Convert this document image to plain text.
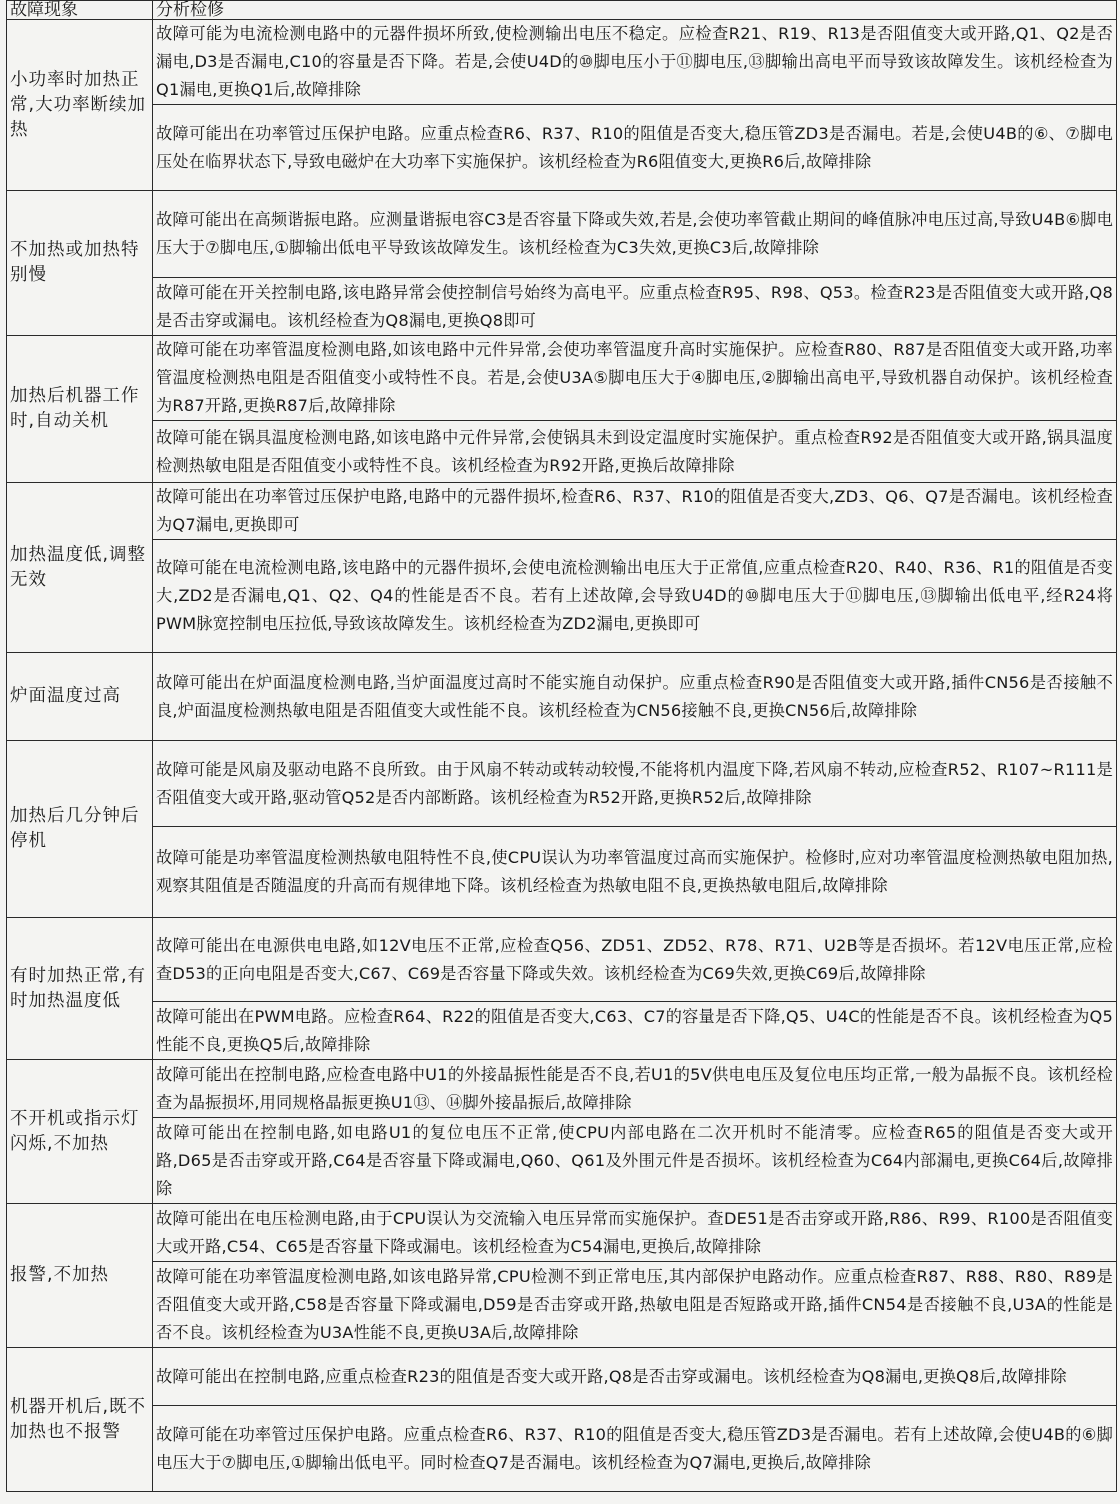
故障现象	分析检修
小功率时加热正常,大功率断续加热	故障可能为电流检测电路中的元器件损坏所致,使检测输出电压不稳定。应检查R21、R19、R13是否阻值变大或开路,Q1、Q2是否漏电,D3是否漏电,C10的容量是否下降。若是,会使U4D的⑩脚电压小于⑪脚电压,⑬脚输出高电平而导致该故障发生。该机经检查为Q1漏电,更换Q1后,故障排除
	故障可能出在功率管过压保护电路。应重点检查R6、R37、R10的阻值是否变大,稳压管ZD3是否漏电。若是,会使U4B的⑥、⑦脚电压处在临界状态下,导致电磁炉在大功率下实施保护。该机经检查为R6阻值变大,更换R6后,故障排除
不加热或加热特别慢	故障可能出在高频谐振电路。应测量谐振电容C3是否容量下降或失效,若是,会使功率管截止期间的峰值脉冲电压过高,导致U4B⑥脚电压大于⑦脚电压,①脚输出低电平导致该故障发生。该机经检查为C3失效,更换C3后,故障排除
	故障可能在开关控制电路,该电路异常会使控制信号始终为高电平。应重点检查R95、R98、Q53。检查R23是否阻值变大或开路,Q8是否击穿或漏电。该机经检查为Q8漏电,更换Q8即可
加热后机器工作时,自动关机	故障可能在功率管温度检测电路,如该电路中元件异常,会使功率管温度升高时实施保护。应检查R80、R87是否阻值变大或开路,功率管温度检测热电阻是否阻值变小或特性不良。若是,会使U3A⑤脚电压大于④脚电压,②脚输出高电平,导致机器自动保护。该机经检查为R87开路,更换R87后,故障排除
	故障可能在锅具温度检测电路,如该电路中元件异常,会使锅具未到设定温度时实施保护。重点检查R92是否阻值变大或开路,锅具温度检测热敏电阻是否阻值变小或特性不良。该机经检查为R92开路,更换后故障排除
加热温度低,调整无效	故障可能出在功率管过压保护电路,电路中的元器件损坏,检查R6、R37、R10的阻值是否变大,ZD3、Q6、Q7是否漏电。该机经检查为Q7漏电,更换即可
	故障可能在电流检测电路,该电路中的元器件损坏,会使电流检测输出电压大于正常值,应重点检查R20、R40、R36、R1的阻值是否变大,ZD2是否漏电,Q1、Q2、Q4的性能是否不良。若有上述故障,会导致U4D的⑩脚电压大于⑪脚电压,⑬脚输出低电平,经R24将PWM脉宽控制电压拉低,导致该故障发生。该机经检查为ZD2漏电,更换即可
炉面温度过高	故障可能出在炉面温度检测电路,当炉面温度过高时不能实施自动保护。应重点检查R90是否阻值变大或开路,插件CN56是否接触不良,炉面温度检测热敏电阻是否阻值变大或性能不良。该机经检查为CN56接触不良,更换CN56后,故障排除
加热后几分钟后停机	故障可能是风扇及驱动电路不良所致。由于风扇不转动或转动较慢,不能将机内温度下降,若风扇不转动,应检查R52、R107~R111是否阻值变大或开路,驱动管Q52是否内部断路。该机经检查为R52开路,更换R52后,故障排除
	故障可能是功率管温度检测热敏电阻特性不良,使CPU误认为功率管温度过高而实施保护。检修时,应对功率管温度检测热敏电阻加热,观察其阻值是否随温度的升高而有规律地下降。该机经检查为热敏电阻不良,更换热敏电阻后,故障排除
有时加热正常,有时加热温度低	故障可能出在电源供电电路,如12V电压不正常,应检查Q56、ZD51、ZD52、R78、R71、U2B等是否损坏。若12V电压正常,应检查D53的正向电阻是否变大,C67、C69是否容量下降或失效。该机经检查为C69失效,更换C69后,故障排除
	故障可能出在PWM电路。应检查R64、R22的阻值是否变大,C63、C7的容量是否下降,Q5、U4C的性能是否不良。该机经检查为Q5性能不良,更换Q5后,故障排除
不开机或指示灯闪烁,不加热	故障可能出在控制电路,应检查电路中U1的外接晶振性能是否不良,若U1的5V供电电压及复位电压均正常,一般为晶振不良。该机经检查为晶振损坏,用同规格晶振更换U1⑬、⑭脚外接晶振后,故障排除
	故障可能出在控制电路,如电路U1的复位电压不正常,使CPU内部电路在二次开机时不能清零。应检查R65的阻值是否变大或开路,D65是否击穿或开路,C64是否容量下降或漏电,Q60、Q61及外围元件是否损坏。该机经检查为C64内部漏电,更换C64后,故障排除
报警,不加热	故障可能出在电压检测电路,由于CPU误认为交流输入电压异常而实施保护。查DE51是否击穿或开路,R86、R99、R100是否阻值变大或开路,C54、C65是否容量下降或漏电。该机经检查为C54漏电,更换后,故障排除
	故障可能在功率管温度检测电路,如该电路异常,CPU检测不到正常电压,其内部保护电路动作。应重点检查R87、R88、R80、R89是否阻值变大或开路,C58是否容量下降或漏电,D59是否击穿或开路,热敏电阻是否短路或开路,插件CN54是否接触不良,U3A的性能是否不良。该机经检查为U3A性能不良,更换U3A后,故障排除
机器开机后,既不加热也不报警	故障可能出在控制电路,应重点检查R23的阻值是否变大或开路,Q8是否击穿或漏电。该机经检查为Q8漏电,更换Q8后,故障排除
	故障可能在功率管过压保护电路。应重点检查R6、R37、R10的阻值是否变大,稳压管ZD3是否漏电。若有上述故障,会使U4B的⑥脚电压大于⑦脚电压,①脚输出低电平。同时检查Q7是否漏电。该机经检查为Q7漏电,更换后,故障排除
